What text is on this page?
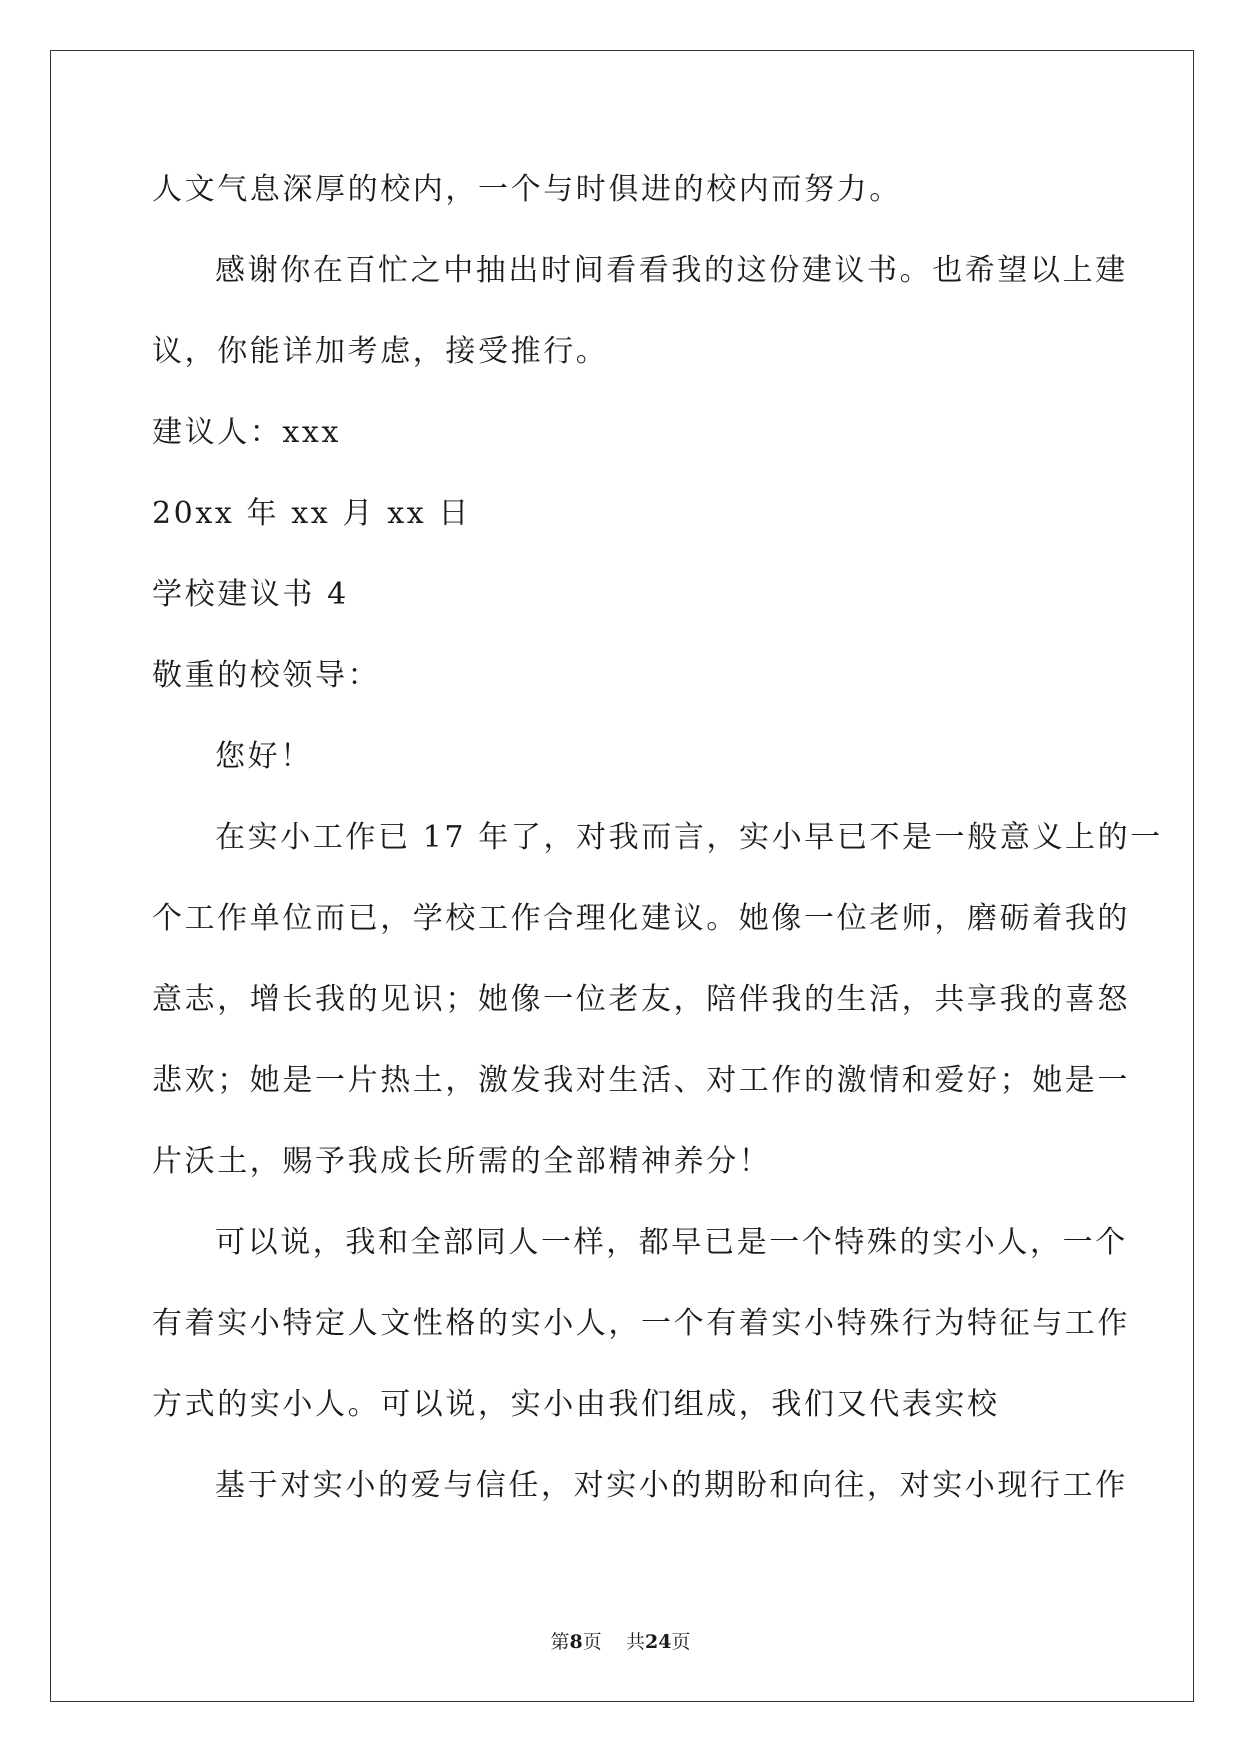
人文气息深厚的校内，一个与时俱进的校内而努力。
感谢你在百忙之中抽出时间看看我的这份建议书。也希望以上建
议，你能详加考虑，接受推行。
建议人：xxx
20xx 年 xx 月 xx 日
学校建议书 4
敬重的校领导：
您好！
在实小工作已 17 年了，对我而言，实小早已不是一般意义上的一
个工作单位而已，学校工作合理化建议。她像一位老师，磨砺着我的
意志，增长我的见识；她像一位老友，陪伴我的生活，共享我的喜怒
悲欢；她是一片热土，激发我对生活、对工作的激情和爱好；她是一
片沃土，赐予我成长所需的全部精神养分！
可以说，我和全部同人一样，都早已是一个特殊的实小人，一个
有着实小特定人文性格的实小人，一个有着实小特殊行为特征与工作
方式的实小人。可以说，实小由我们组成，我们又代表实校
基于对实小的爱与信任，对实小的期盼和向往，对实小现行工作
第8页 共24页
